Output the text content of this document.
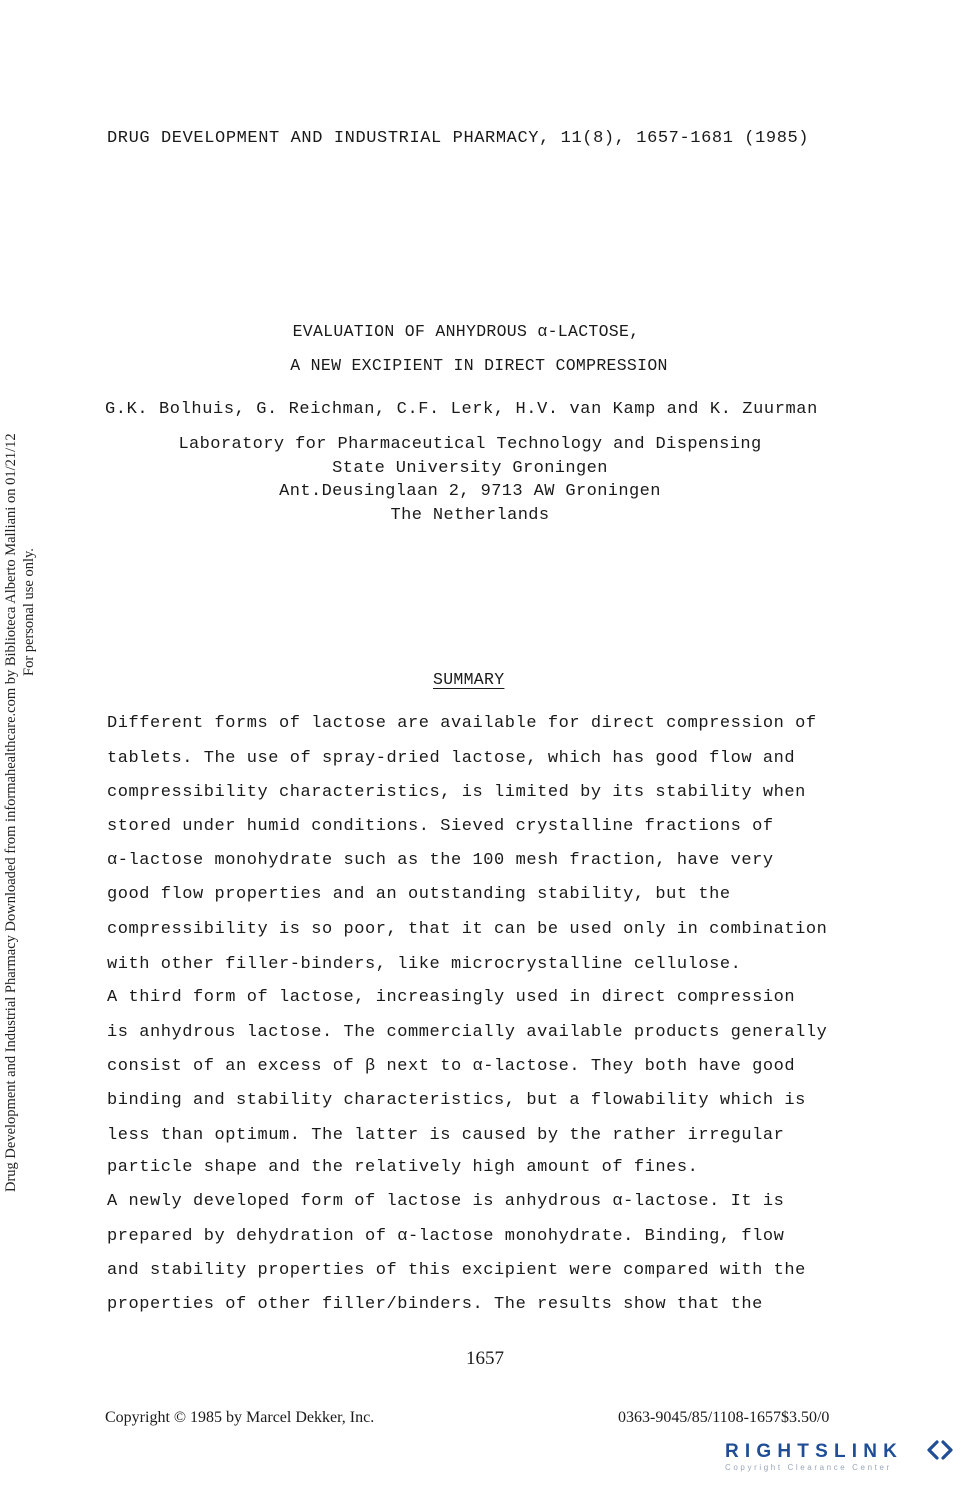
DRUG DEVELOPMENT AND INDUSTRIAL PHARMACY, 11(8), 1657-1681 (1985)
Drug Development and Industrial Pharmacy Downloaded from informahealthcare.com by Biblioteca Alberto Malliani on 01/21/12 For personal use only.
EVALUATION OF ANHYDROUS α-LACTOSE,
A NEW EXCIPIENT IN DIRECT COMPRESSION
G.K. Bolhuis, G. Reichman, C.F. Lerk, H.V. van Kamp and K. Zuurman
Laboratory for Pharmaceutical Technology and Dispensing
State University Groningen
Ant.Deusinglaan 2, 9713 AW Groningen
The Netherlands
SUMMARY
Different forms of lactose are available for direct compression of
tablets. The use of spray-dried lactose, which has good flow and
compressibility characteristics, is limited by its stability when
stored under humid conditions. Sieved crystalline fractions of
α-lactose monohydrate such as the 100 mesh fraction, have very
good flow properties and an outstanding stability, but the
compressibility is so poor, that it can be used only in combination
with other filler-binders, like microcrystalline cellulose.
A third form of lactose, increasingly used in direct compression
is anhydrous lactose. The commercially available products generally
consist of an excess of β next to α-lactose. They both have good
binding and stability characteristics, but a flowability which is
less than optimum. The latter is caused by the rather irregular
particle shape and the relatively high amount of fines.
A newly developed form of lactose is anhydrous α-lactose. It is
prepared by dehydration of α-lactose monohydrate. Binding, flow
and stability properties of this excipient were compared with the
properties of other filler/binders. The results show that the
1657
Copyright © 1985 by Marcel Dekker, Inc.	0363-9045/85/1108-1657$3.50/0
RIGHTSLINK
Copyright Clearance Center
